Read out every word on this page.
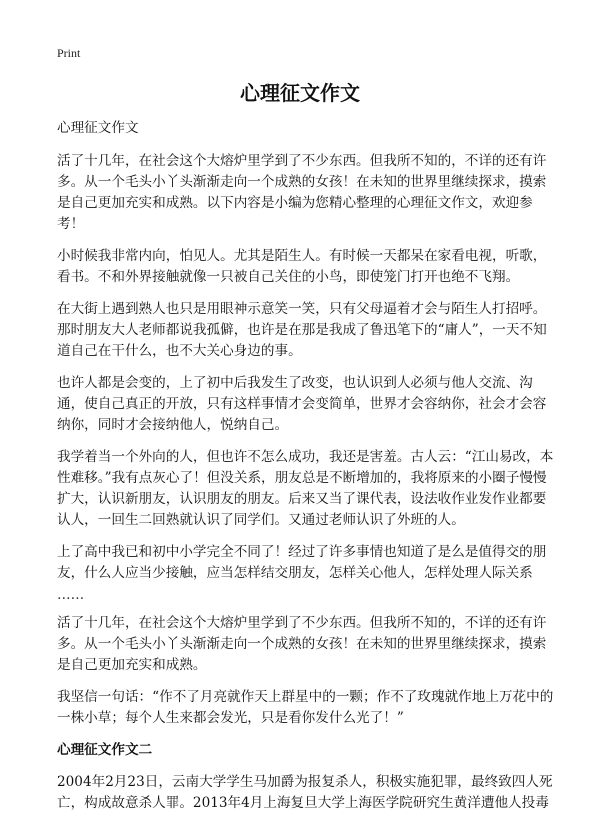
Print
心理征文作文

心理征文作文

活了十几年，在社会这个大熔炉里学到了不少东西。但我所不知的，不详的还有许多。从一个毛头小丫头渐渐走向一个成熟的女孩！在未知的世界里继续探求，摸索是自己更加充实和成熟。以下内容是小编为您精心整理的心理征文作文，欢迎参考！

小时候我非常内向，怕见人。尤其是陌生人。有时候一天都呆在家看电视，听歌，看书。不和外界接触就像一只被自己关住的小鸟，即使笼门打开也绝不飞翔。

在大街上遇到熟人也只是用眼神示意笑一笑，只有父母逼着才会与陌生人打招呼。那时朋友大人老师都说我孤僻，也许是在那是我成了鲁迅笔下的“庸人”，一天不知道自己在干什么，也不大关心身边的事。

也许人都是会变的，上了初中后我发生了改变，也认识到人必须与他人交流、沟通，使自己真正的开放，只有这样事情才会变简单，世界才会容纳你，社会才会容纳你，同时才会接纳他人，悦纳自己。

我学着当一个外向的人，但也许不怎么成功，我还是害羞。古人云：“江山易改，本性难移。”我有点灰心了！但没关系，朋友总是不断增加的，我将原来的小圈子慢慢扩大，认识新朋友，认识朋友的朋友。后来又当了课代表，设法收作业发作业都要认人，一回生二回熟就认识了同学们。又通过老师认识了外班的人。

上了高中我已和初中小学完全不同了！经过了许多事情也知道了是么是值得交的朋友，什么人应当少接触，应当怎样结交朋友，怎样关心他人，怎样处理人际关系

……

活了十几年，在社会这个大熔炉里学到了不少东西。但我所不知的，不详的还有许多。从一个毛头小丫头渐渐走向一个成熟的女孩！在未知的世界里继续探求，摸索是自己更加充实和成熟。

我坚信一句话：“作不了月亮就作天上群星中的一颗；作不了玫瑰就作地上万花中的一株小草；每个人生来都会发光，只是看你发什么光了！”

心理征文作文二

2004年2月23日，云南大学学生马加爵为报复杀人，积极实施犯罪，最终致四人死亡，构成故意杀人罪。2013年4月上海复旦大学上海医学院研究生黄洋遭他人投毒
